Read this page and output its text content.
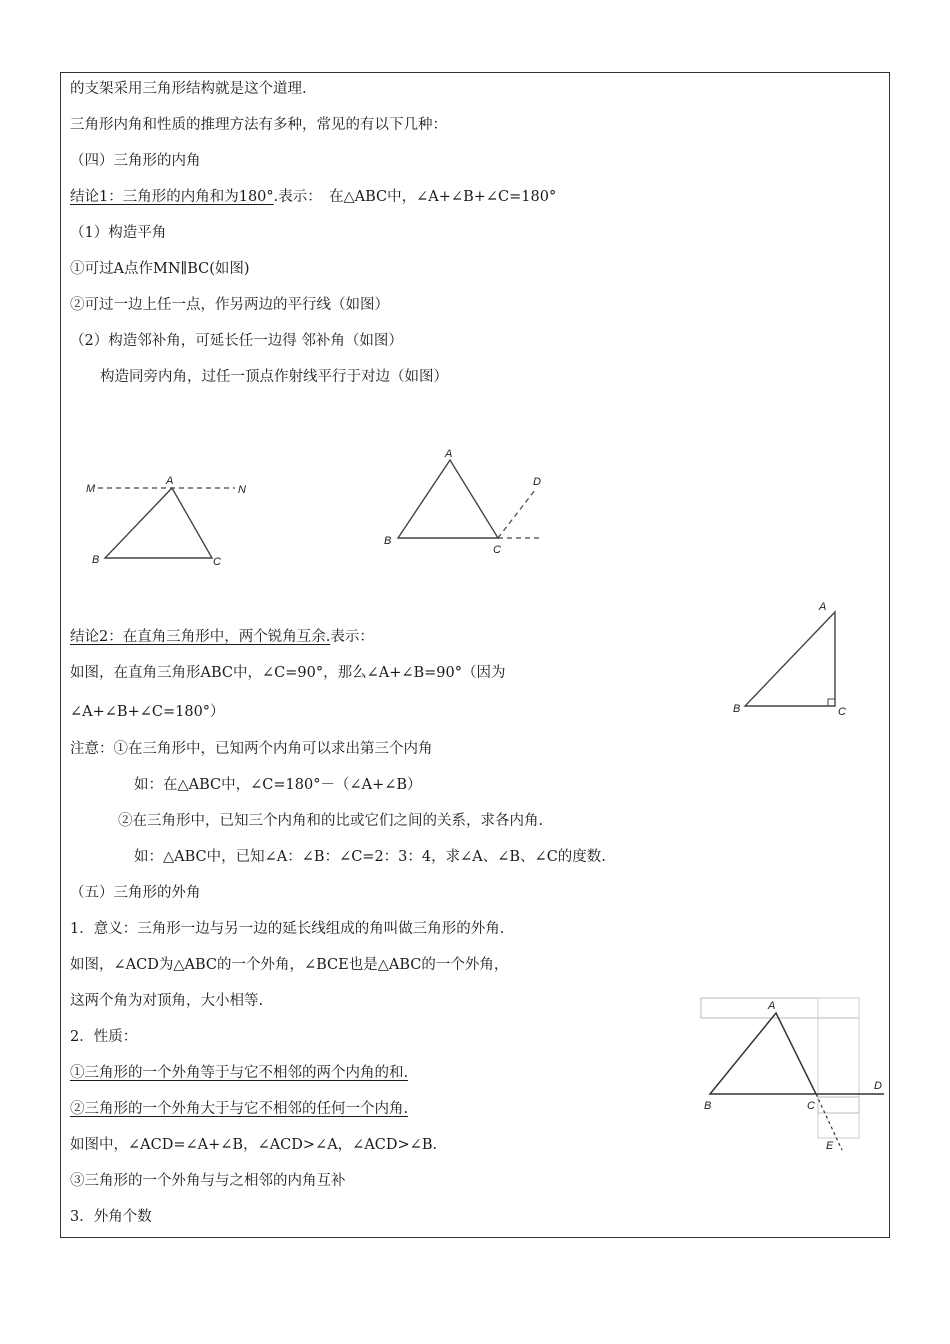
的支架采用三角形结构就是这个道理.
三角形内角和性质的推理方法有多种，常见的有以下几种：
（四）三角形的内角
结论1：三角形的内角和为180°.表示：　在△ABC中，∠A+∠B+∠C=180°
（1）构造平角
①可过A点作MN∥BC(如图)
②可过一边上任一点，作另两边的平行线（如图）
（2）构造邻补角，可延长任一边得 邻补角（如图）
构造同旁内角，过任一顶点作射线平行于对边（如图）
M	N
A
B	C
A
B
C
D
结论2：在直角三角形中，两个锐角互余.表示：
如图，在直角三角形ABC中，∠C=90°，那么∠A+∠B=90°（因为
∠A+∠B+∠C=180°）
A
B	C
注意：①在三角形中，已知两个内角可以求出第三个内角
如：在△ABC中，∠C=180°－（∠A+∠B）
②在三角形中，已知三个内角和的比或它们之间的关系，求各内角.
如：△ABC中，已知∠A：∠B：∠C=2：3：4，求∠A、∠B、∠C的度数.
（五）三角形的外角
1．意义：三角形一边与另一边的延长线组成的角叫做三角形的外角.
如图，∠ACD为△ABC的一个外角，∠BCE也是△ABC的一个外角，
这两个角为对顶角，大小相等.
2．性质：
①三角形的一个外角等于与它不相邻的两个内角的和.
②三角形的一个外角大于与它不相邻的任何一个内角.
如图中，∠ACD=∠A+∠B，∠ACD>∠A，∠ACD>∠B.
③三角形的一个外角与与之相邻的内角互补
3．外角个数
A
B	C
D
E
